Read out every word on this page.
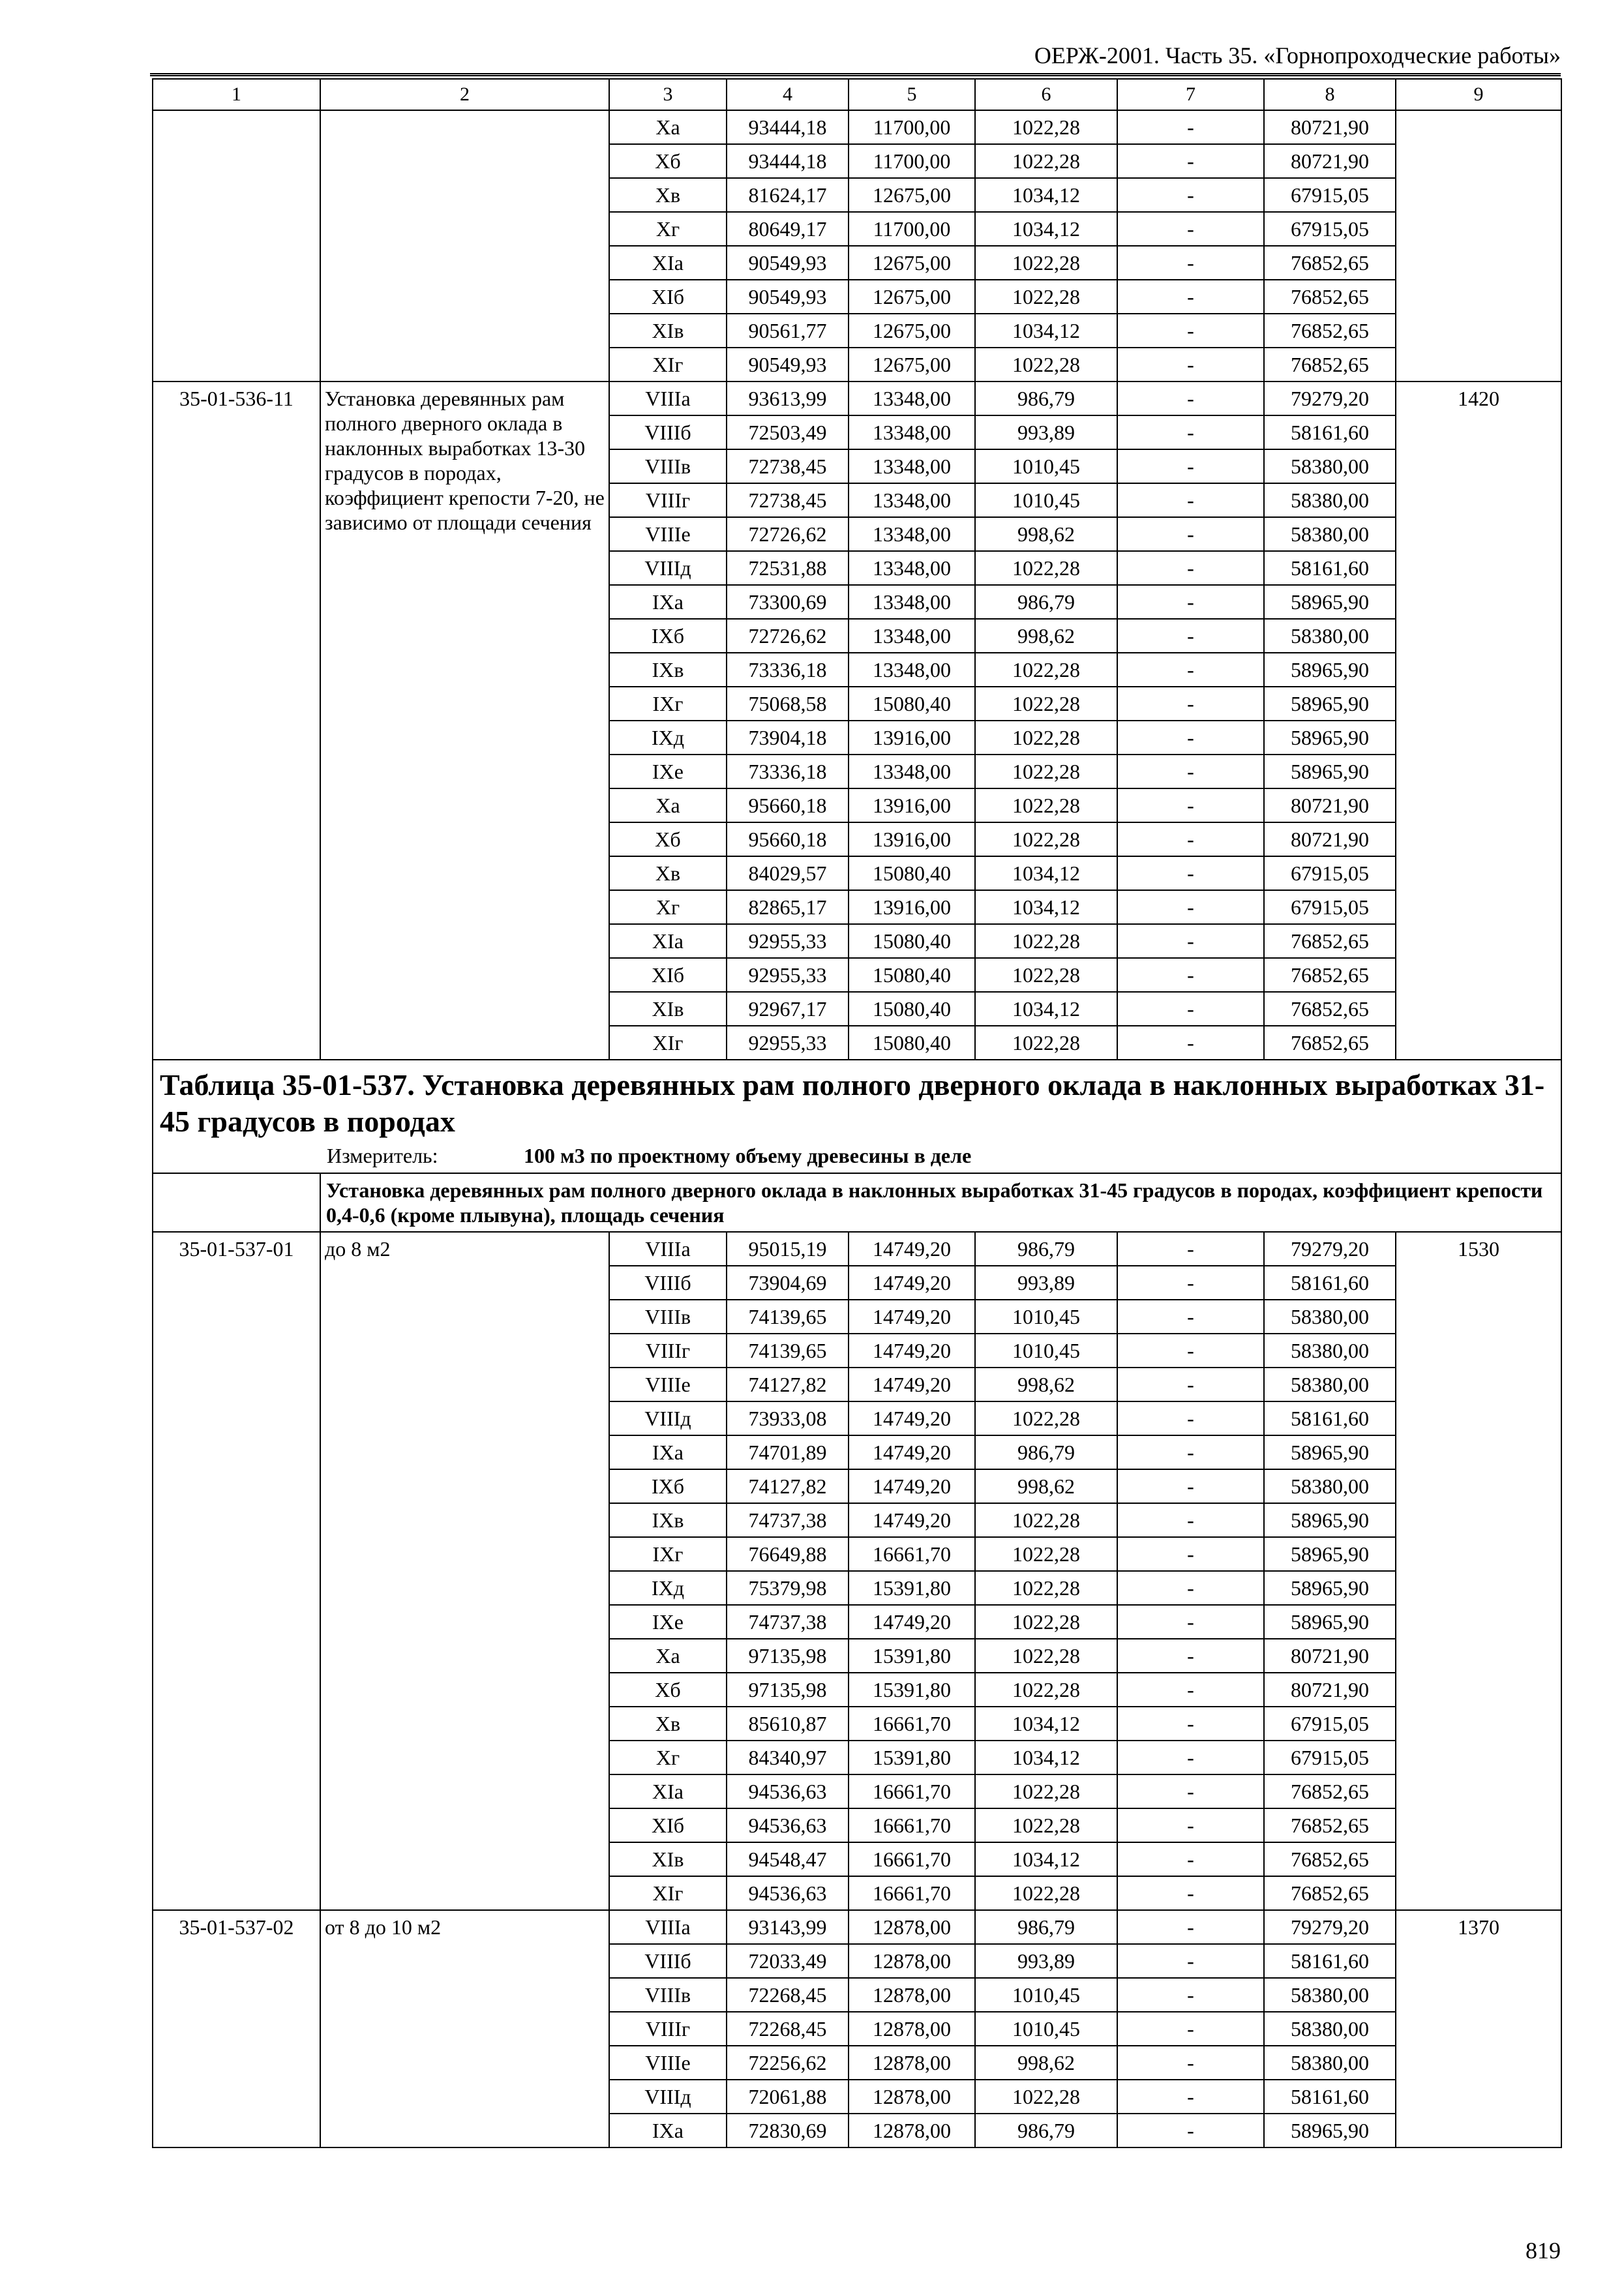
ОЕРЖ-2001. Часть 35. «Горнопроходческие работы»
1	2	3	4	5	6	7	8	9
		Xa	93444,18	11700,00	1022,28	-	80721,90	
		Xб	93444,18	11700,00	1022,28	-	80721,90	
		Xв	81624,17	12675,00	1034,12	-	67915,05	
		Xг	80649,17	11700,00	1034,12	-	67915,05	
		XIa	90549,93	12675,00	1022,28	-	76852,65	
		XIб	90549,93	12675,00	1022,28	-	76852,65	
		XIв	90561,77	12675,00	1034,12	-	76852,65	
		XIг	90549,93	12675,00	1022,28	-	76852,65	
35-01-536-11	Установка деревянных рам полного дверного оклада в наклонных выработках 13-30 градусов в породах, коэффициент крепости 7-20, не зависимо от площади сечения	VIIIa	93613,99	13348,00	986,79	-	79279,20	1420
		VIIIб	72503,49	13348,00	993,89	-	58161,60	
		VIIIв	72738,45	13348,00	1010,45	-	58380,00	
		VIIIг	72738,45	13348,00	1010,45	-	58380,00	
		VIIIe	72726,62	13348,00	998,62	-	58380,00	
		VIIIд	72531,88	13348,00	1022,28	-	58161,60	
		IXa	73300,69	13348,00	986,79	-	58965,90	
		IXб	72726,62	13348,00	998,62	-	58380,00	
		IXв	73336,18	13348,00	1022,28	-	58965,90	
		IXг	75068,58	15080,40	1022,28	-	58965,90	
		IXд	73904,18	13916,00	1022,28	-	58965,90	
		IXe	73336,18	13348,00	1022,28	-	58965,90	
		Xa	95660,18	13916,00	1022,28	-	80721,90	
		Xб	95660,18	13916,00	1022,28	-	80721,90	
		Xв	84029,57	15080,40	1034,12	-	67915,05	
		Xг	82865,17	13916,00	1034,12	-	67915,05	
		XIa	92955,33	15080,40	1022,28	-	76852,65	
		XIб	92955,33	15080,40	1022,28	-	76852,65	
		XIв	92967,17	15080,40	1034,12	-	76852,65	
		XIг	92955,33	15080,40	1022,28	-	76852,65	

Таблица 35-01-537. Установка деревянных рам полного дверного оклада в наклонных выработках 31-45 градусов в породах
Измеритель: 100 м3 по проектному объему древесины в деле								

	Установка деревянных рам полного дверного оклада в наклонных выработках 31-45 градусов в породах, коэффициент крепости 0,4-0,6 (кроме плывуна), площадь сечения							
35-01-537-01	до 8 м2	VIIIa	95015,19	14749,20	986,79	-	79279,20	1530
		VIIIб	73904,69	14749,20	993,89	-	58161,60	
		VIIIв	74139,65	14749,20	1010,45	-	58380,00	
		VIIIг	74139,65	14749,20	1010,45	-	58380,00	
		VIIIe	74127,82	14749,20	998,62	-	58380,00	
		VIIIд	73933,08	14749,20	1022,28	-	58161,60	
		IXa	74701,89	14749,20	986,79	-	58965,90	
		IXб	74127,82	14749,20	998,62	-	58380,00	
		IXв	74737,38	14749,20	1022,28	-	58965,90	
		IXг	76649,88	16661,70	1022,28	-	58965,90	
		IXд	75379,98	15391,80	1022,28	-	58965,90	
		IXe	74737,38	14749,20	1022,28	-	58965,90	
		Xa	97135,98	15391,80	1022,28	-	80721,90	
		Xб	97135,98	15391,80	1022,28	-	80721,90	
		Xв	85610,87	16661,70	1034,12	-	67915,05	
		Xг	84340,97	15391,80	1034,12	-	67915,05	
		XIa	94536,63	16661,70	1022,28	-	76852,65	
		XIб	94536,63	16661,70	1022,28	-	76852,65	
		XIв	94548,47	16661,70	1034,12	-	76852,65	
		XIг	94536,63	16661,70	1022,28	-	76852,65	
35-01-537-02	от 8 до 10 м2	VIIIa	93143,99	12878,00	986,79	-	79279,20	1370
		VIIIб	72033,49	12878,00	993,89	-	58161,60	
		VIIIв	72268,45	12878,00	1010,45	-	58380,00	
		VIIIг	72268,45	12878,00	1010,45	-	58380,00	
		VIIIe	72256,62	12878,00	998,62	-	58380,00	
		VIIIд	72061,88	12878,00	1022,28	-	58161,60	
		IXa	72830,69	12878,00	986,79	-	58965,90	
819
